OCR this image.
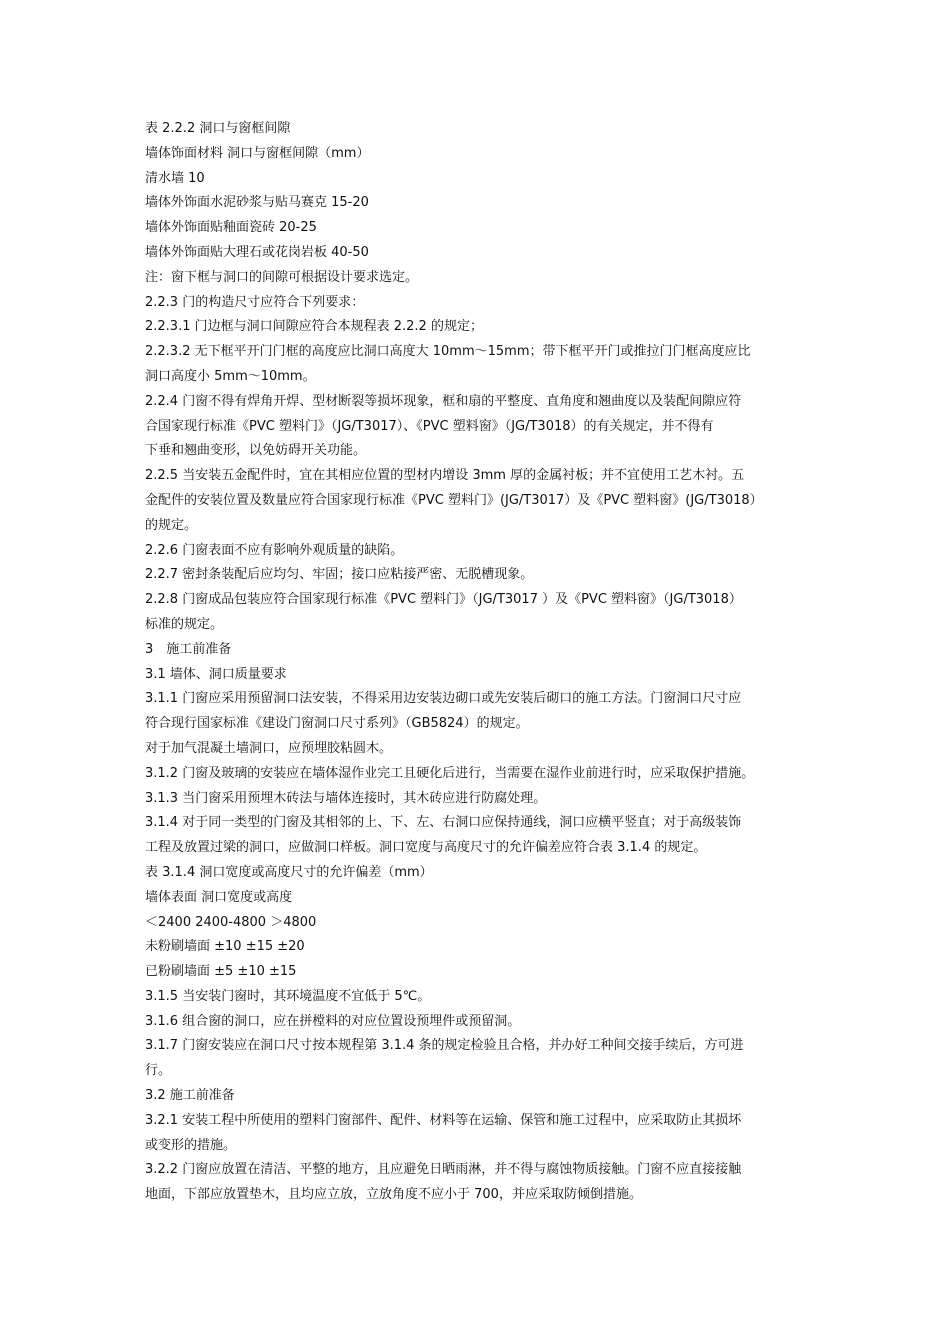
表 2.2.2 洞口与窗框间隙
墙体饰面材料 洞口与窗框间隙（mm）
清水墙 10
墙体外饰面水泥砂浆与贴马赛克 15-20
墙体外饰面贴釉面瓷砖 20-25
墙体外饰面贴大理石或花岗岩板 40-50
注：窗下框与洞口的间隙可根据设计要求选定。
2.2.3 门的构造尺寸应符合下列要求：
2.2.3.1 门边框与洞口间隙应符合本规程表 2.2.2 的规定；
2.2.3.2 无下框平开门门框的高度应比洞口高度大 10mm～15mm；带下框平开门或推拉门门框高度应比
洞口高度小 5mm～10mm。
2.2.4 门窗不得有焊角开焊、型材断裂等损坏现象，框和扇的平整度、直角度和翘曲度以及装配间隙应符
合国家现行标准《PVC 塑料门》（JG/T3017）、《PVC 塑料窗》（JG/T3018）的有关规定，并不得有
下垂和翘曲变形，以免妨碍开关功能。
2.2.5 当安装五金配件时，宜在其相应位置的型材内增设 3mm 厚的金属衬板；并不宜使用工艺木衬。五
金配件的安装位置及数量应符合国家现行标准《PVC 塑料门》(JG/T3017）及《PVC 塑料窗》(JG/T3018）
的规定。
2.2.6 门窗表面不应有影响外观质量的缺陷。
2.2.7 密封条装配后应均匀、牢固；接口应粘接严密、无脱槽现象。
2.2.8 门窗成品包装应符合国家现行标准《PVC 塑料门》（JG/T3017 ）及《PVC 塑料窗》（JG/T3018）
标准的规定。
3　施工前准备
3.1 墙体、洞口质量要求
3.1.1 门窗应采用预留洞口法安装，不得采用边安装边砌口或先安装后砌口的施工方法。门窗洞口尺寸应
符合现行国家标准《建设门窗洞口尺寸系列》（GB5824）的规定。
对于加气混凝土墙洞口，应预埋胶粘圆木。
3.1.2 门窗及玻璃的安装应在墙体湿作业完工且硬化后进行，当需要在湿作业前进行时，应采取保护措施。
3.1.3 当门窗采用预埋木砖法与墙体连接时，其木砖应进行防腐处理。
3.1.4 对于同一类型的门窗及其相邻的上、下、左、右洞口应保持通线，洞口应横平竖直；对于高级装饰
工程及放置过梁的洞口，应做洞口样板。洞口宽度与高度尺寸的允许偏差应符合表 3.1.4 的规定。
表 3.1.4 洞口宽度或高度尺寸的允许偏差（mm）
墙体表面 洞口宽度或高度
＜2400 2400-4800 ＞4800
未粉刷墙面 ±10 ±15 ±20
已粉刷墙面 ±5 ±10 ±15
3.1.5 当安装门窗时，其环境温度不宜低于 5℃。
3.1.6 组合窗的洞口，应在拼樘料的对应位置设预埋件或预留洞。
3.1.7 门窗安装应在洞口尺寸按本规程第 3.1.4 条的规定检验且合格，并办好工种间交接手续后，方可进
行。
3.2 施工前准备
3.2.1 安装工程中所使用的塑料门窗部件、配件、材料等在运输、保管和施工过程中，应采取防止其损坏
或变形的措施。
3.2.2 门窗应放置在清洁、平整的地方，且应避免日晒雨淋，并不得与腐蚀物质接触。门窗不应直接接触
地面，下部应放置垫木，且均应立放，立放角度不应小于 700，并应采取防倾倒措施。
